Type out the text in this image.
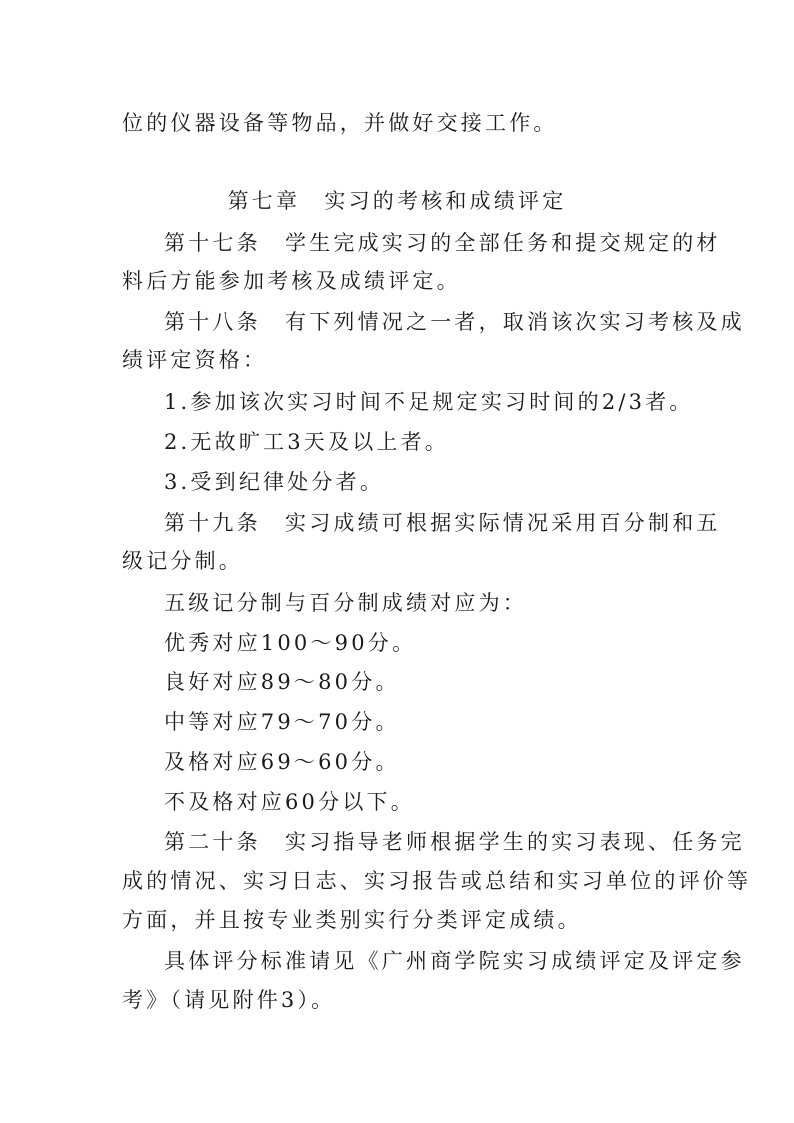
位的仪器设备等物品，并做好交接工作。
第七章　实习的考核和成绩评定
第十七条　学生完成实习的全部任务和提交规定的材
料后方能参加考核及成绩评定。
第十八条　有下列情况之一者，取消该次实习考核及成
绩评定资格：
1.参加该次实习时间不足规定实习时间的2/3者。
2.无故旷工3天及以上者。
3.受到纪律处分者。
第十九条　实习成绩可根据实际情况采用百分制和五
级记分制。
五级记分制与百分制成绩对应为：
优秀对应100～90分。
良好对应89～80分。
中等对应79～70分。
及格对应69～60分。
不及格对应60分以下。
第二十条　实习指导老师根据学生的实习表现、任务完
成的情况、实习日志、实习报告或总结和实习单位的评价等
方面，并且按专业类别实行分类评定成绩。
具体评分标准请见《广州商学院实习成绩评定及评定参
考》（请见附件3）。
